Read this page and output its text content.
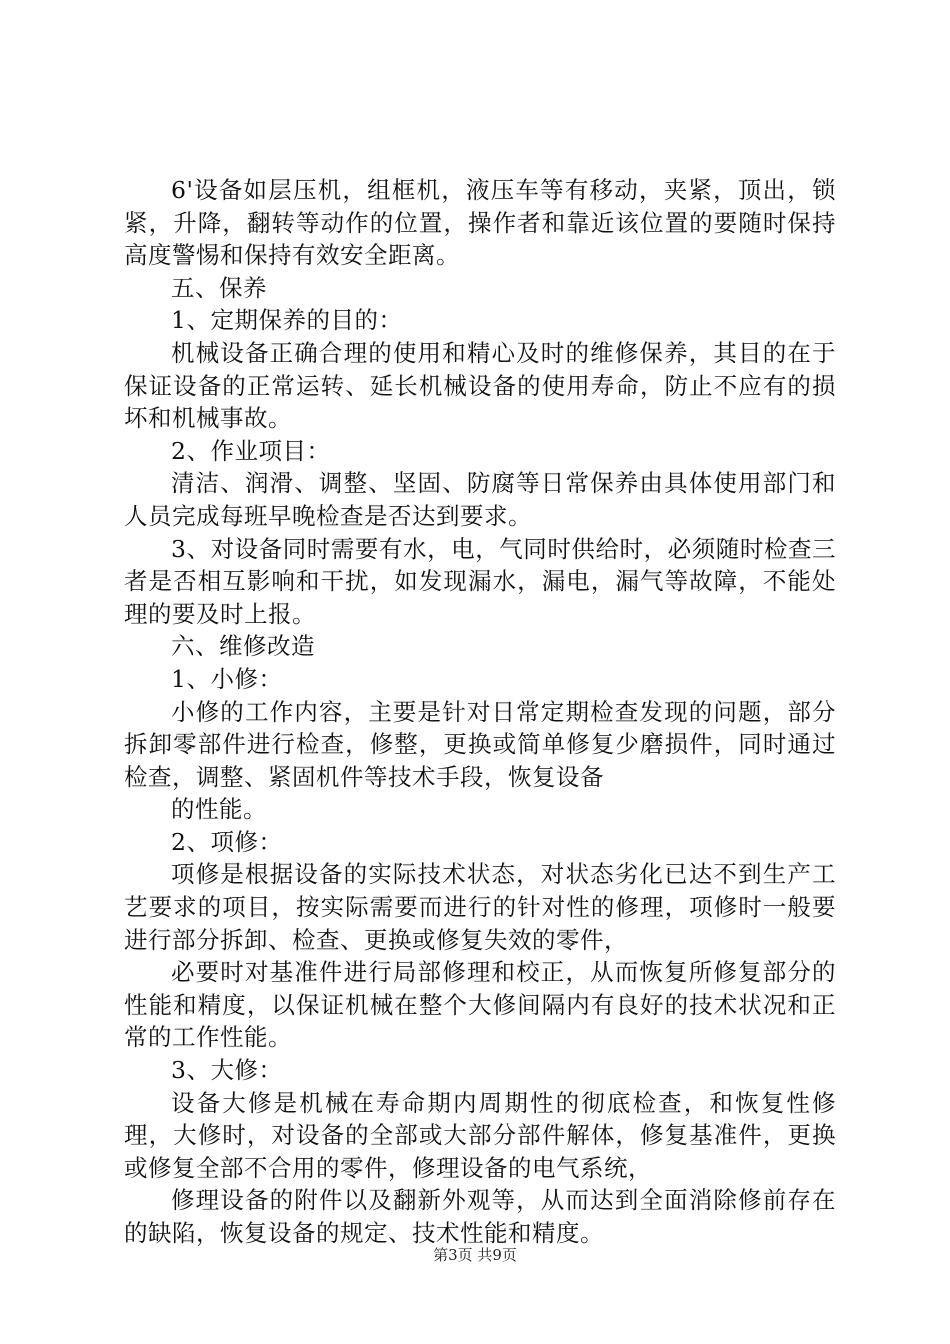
6'设备如层压机，组框机，液压车等有移动，夹紧，顶出，锁紧，升降，翻转等动作的位置，操作者和靠近该位置的要随时保持高度警惕和保持有效安全距离。

五、保养

1、定期保养的目的：

机械设备正确合理的使用和精心及时的维修保养，其目的在于保证设备的正常运转、延长机械设备的使用寿命，防止不应有的损坏和机械事故。

2、作业项目：

清洁、润滑、调整、坚固、防腐等日常保养由具体使用部门和人员完成每班早晚检查是否达到要求。

3、对设备同时需要有水，电，气同时供给时，必须随时检查三者是否相互影响和干扰，如发现漏水，漏电，漏气等故障，不能处理的要及时上报。

六、维修改造

1、小修：

小修的工作内容，主要是针对日常定期检查发现的问题，部分拆卸零部件进行检查，修整，更换或简单修复少磨损件，同时通过检查，调整、紧固机件等技术手段，恢复设备

的性能。

2、项修：

项修是根据设备的实际技术状态，对状态劣化已达不到生产工艺要求的项目，按实际需要而进行的针对性的修理，项修时一般要进行部分拆卸、检查、更换或修复失效的零件，

必要时对基准件进行局部修理和校正，从而恢复所修复部分的性能和精度，以保证机械在整个大修间隔内有良好的技术状况和正常的工作性能。

3、大修：

设备大修是机械在寿命期内周期性的彻底检查，和恢复性修理，大修时，对设备的全部或大部分部件解体，修复基准件，更换或修复全部不合用的零件，修理设备的电气系统，

修理设备的附件以及翻新外观等，从而达到全面消除修前存在的缺陷，恢复设备的规定、技术性能和精度。

第3页 共9页
